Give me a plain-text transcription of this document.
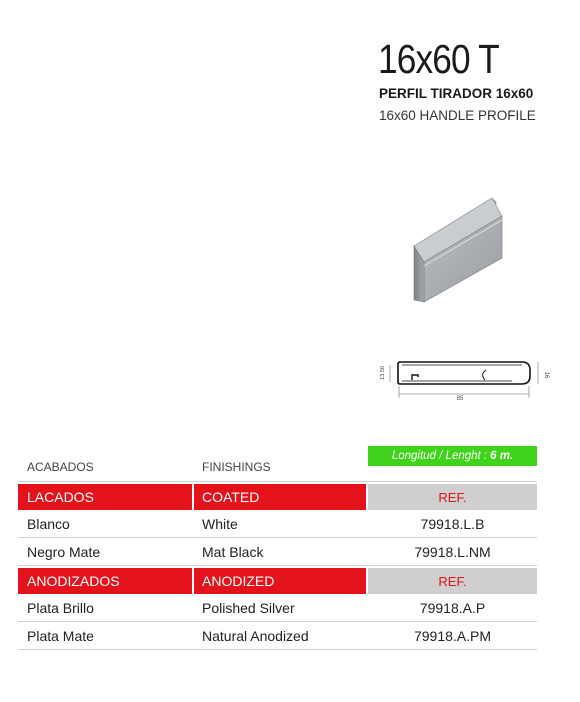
16x60 T
PERFIL TIRADOR 16x60
16x60 HANDLE PROFILE
85
16
13.50
Longitud / Lenght : 6 m.
ACABADOS	FINISHINGS
LACADOS	COATED	REF.
Blanco	White	79918.L.B
Negro Mate	Mat Black	79918.L.NM
ANODIZADOS	ANODIZED	REF.
Plata Brillo	Polished Silver	79918.A.P
Plata Mate	Natural Anodized	79918.A.PM
